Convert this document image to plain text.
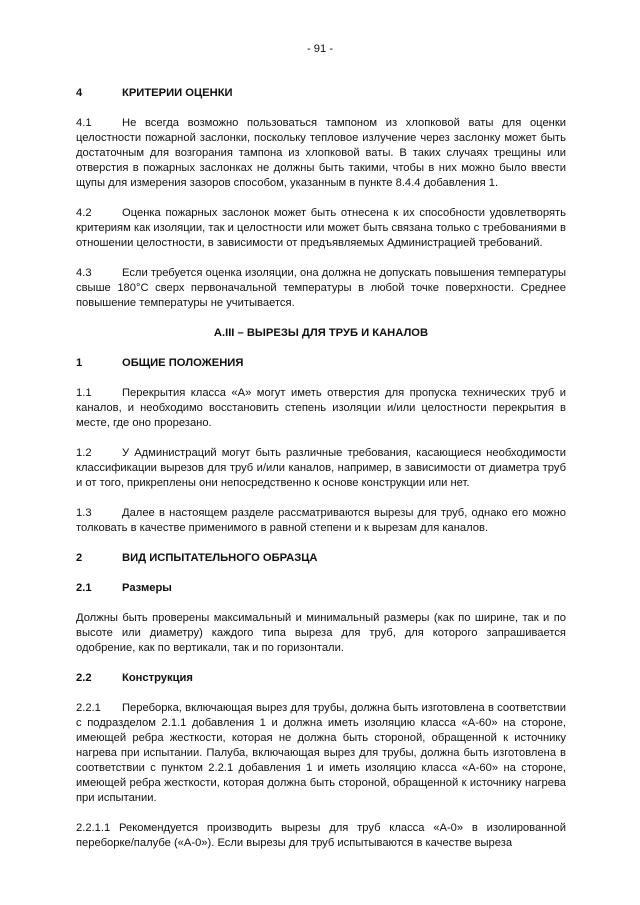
- 91 -
4	КРИТЕРИИ ОЦЕНКИ

4.1	Не всегда возможно пользоваться тампоном из хлопковой ваты для оценки целостности пожарной заслонки, поскольку тепловое излучение через заслонку может быть достаточным для возгорания тампона из хлопковой ваты. В таких случаях трещины или отверстия в пожарных заслонках не должны быть такими, чтобы в них можно было ввести щупы для измерения зазоров способом, указанным в пункте 8.4.4 добавления 1.

4.2	Оценка пожарных заслонок может быть отнесена к их способности удовлетворять критериям как изоляции, так и целостности или может быть связана только с требованиями в отношении целостности, в зависимости от предъявляемых Администрацией требований.

4.3	Если требуется оценка изоляции, она должна не допускать повышения температуры свыше 180°C сверх первоначальной температуры в любой точке поверхности. Среднее повышение температуры не учитывается.

A.III – ВЫРЕЗЫ ДЛЯ ТРУБ И КАНАЛОВ
1	ОБЩИЕ ПОЛОЖЕНИЯ

1.1	Перекрытия класса «А» могут иметь отверстия для пропуска технических труб и каналов, и необходимо восстановить степень изоляции и/или целостности перекрытия в месте, где оно прорезано.

1.2	У Администраций могут быть различные требования, касающиеся необходимости классификации вырезов для труб и/или каналов, например, в зависимости от диаметра труб и от того, прикреплены они непосредственно к основе конструкции или нет.

1.3	Далее в настоящем разделе рассматриваются вырезы для труб, однако его можно толковать в качестве применимого в равной степени и к вырезам для каналов.

2	ВИД ИСПЫТАТЕЛЬНОГО ОБРАЗЦА
2.1	Размеры

Должны быть проверены максимальный и минимальный размеры (как по ширине, так и по высоте или диаметру) каждого типа выреза для труб, для которого запрашивается одобрение, как по вертикали, так и по горизонтали.

2.2	Конструкция

2.2.1 Переборка, включающая вырез для трубы, должна быть изготовлена в соответствии с подразделом 2.1.1 добавления 1 и должна иметь изоляцию класса «А-60» на стороне, имеющей ребра жесткости, которая не должна быть стороной, обращенной к источнику нагрева при испытании. Палуба, включающая вырез для трубы, должна быть изготовлена в соответствии с пунктом 2.2.1 добавления 1 и иметь изоляцию класса «А-60» на стороне, имеющей ребра жесткости, которая должна быть стороной, обращенной к источнику нагрева при испытании.

2.2.1.1 Рекомендуется производить вырезы для труб класса «А-0» в изолированной переборке/палубе («А-0»). Если вырезы для труб испытываются в качестве выреза
